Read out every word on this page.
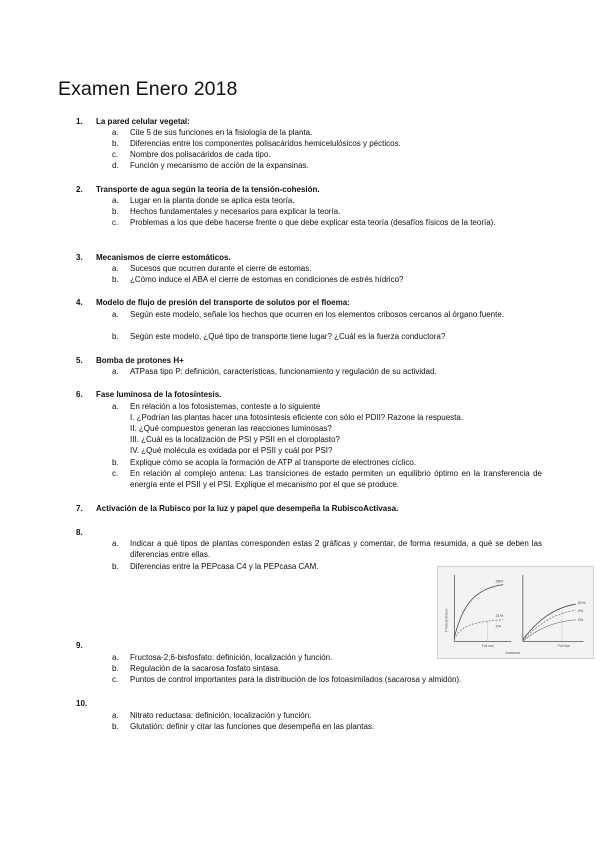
Examen Enero 2018
1. La pared celular vegetal:
a. Cite 5 de sus funciones en la fisiología de la planta.
b. Diferencias entre los componentes polisacáridos hemicelulósicos y pécticos.
c. Nombre dos polisacáridos de cada tipo.
d. Función y mecanismo de acción de la expansinas.
2. Transporte de agua según la teoría de la tensión-cohesión.
a. Lugar en la planta donde se aplica esta teoría.
b. Hechos fundamentales y necesarios para explicar la teoría.
c. Problemas a los que debe hacerse frente o que debe explicar esta teoría (desafíos físicos de la teoría).
3. Mecanismos de cierre estomáticos.
a. Sucesos que ocurren durante el cierre de estomas.
b. ¿Cómo induce el ABA el cierre de estomas en condiciones de estrés hídrico?
4. Modelo de flujo de presión del transporte de solutos por el floema:
a. Según este modelo, señale los hechos que ocurren en los elementos cribosos cercanos al órgano fuente.
b. Según este modelo, ¿Qué tipo de transporte tiene lugar? ¿Cuál es la fuerza conductora?
5. Bomba de protones H+
a. ATPasa tipo P: definición, características, funcionamiento y regulación de su actividad.
6. Fase luminosa de la fotosíntesis.
a. En relación a los fotosistemas, conteste a lo siguiente
I. ¿Podrían las plantas hacer una fotosíntesis eficiente con sólo el PDII? Razone la respuesta.
II. ¿Qué compuestos generan las reacciones luminosas?
III. ¿Cuál es la localización de PSI y PSII en el cloroplasto?
IV. ¿Qué molécula es oxidada por el PSII y cuál por PSI?
b. Explique cómo se acopla la formación de ATP al transporte de electrones cíclico.
c. En relación al complejo antena: Las transiciones de estado permiten un equilibrio óptimo en la transferencia de energía ente el PSII y el PSI. Explique el mecanismo por el que se produce.
7. Activación de la Rubisco por la luz y papel que desempeña la RubiscoActivasa.
8.
a. Indicar a qué tipos de plantas corresponden estas 2 gráficas y comentar, de forma resumida, a qué se deben las diferencias entre ellas.
b. Diferencias entre la PEPcasa C4 y la PEPcasa CAM.
28%
21%
2%
Full sun
Photosynthesis
21%
2%
2%
Full sun
Irradiance
9.
a. Fructosa-2,6-bisfosfato: definición, localización y función.
b. Regulación de la sacarosa fosfato sintasa.
c. Puntos de control importantes para la distribución de los fotoasimilados (sacarosa y almidón).
10.
a. Nitrato reductasa: definición, localización y función.
b. Glutatión: definir y citar las funciones que desempeña en las plantas.
